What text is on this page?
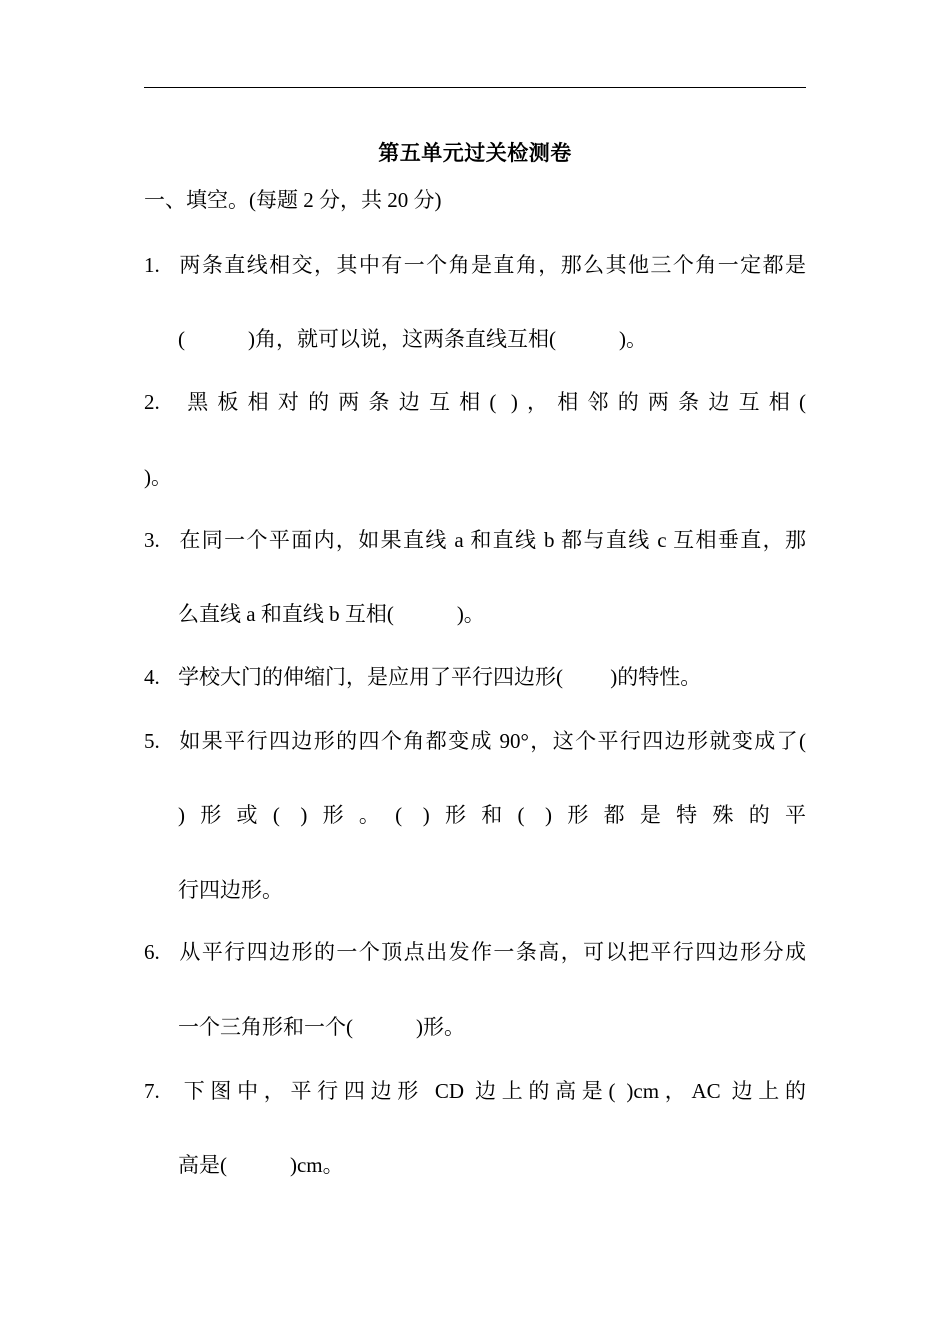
第五单元过关检测卷
一、填空。(每题 2 分，共 20 分)
1. 两条直线相交，其中有一个角是直角，那么其他三个角一定都是
(            )角，就可以说，这两条直线互相(            )。
2. 黑板相对的两条边互相( )，相邻的两条边互相(
)。
3. 在同一个平面内，如果直线 a 和直线 b 都与直线 c 互相垂直，那
么直线 a 和直线 b 互相(            )。
4. 学校大门的伸缩门，是应用了平行四边形(         )的特性。
5. 如果平行四边形的四个角都变成 90°，这个平行四边形就变成了(
)形或( )形。( )形和( )形都是特殊的平
行四边形。
6. 从平行四边形的一个顶点出发作一条高，可以把平行四边形分成
一个三角形和一个(            )形。
7. 下图中，平行四边形 CD 边上的高是( )cm，AC 边上的
高是(            )cm。
